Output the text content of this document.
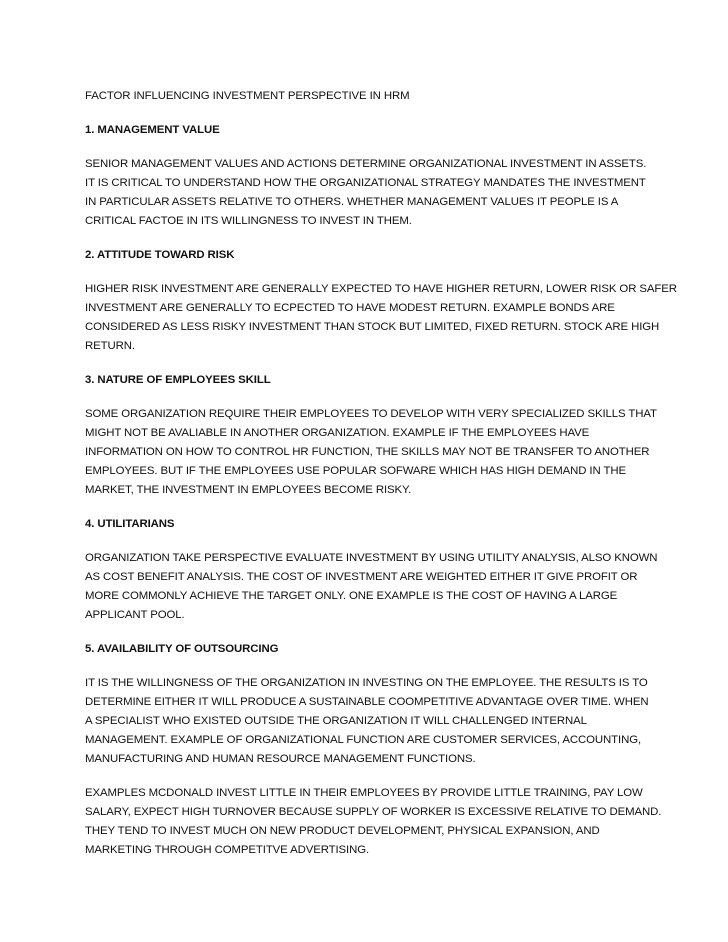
FACTOR INFLUENCING INVESTMENT PERSPECTIVE IN HRM

1. MANAGEMENT VALUE

SENIOR MANAGEMENT VALUES AND ACTIONS DETERMINE ORGANIZATIONAL INVESTMENT IN ASSETS.
IT IS CRITICAL TO UNDERSTAND HOW THE ORGANIZATIONAL STRATEGY MANDATES THE INVESTMENT
IN PARTICULAR ASSETS RELATIVE TO OTHERS. WHETHER MANAGEMENT VALUES IT PEOPLE IS A
CRITICAL FACTOE IN ITS WILLINGNESS TO INVEST IN THEM.

2. ATTITUDE TOWARD RISK

HIGHER RISK INVESTMENT ARE GENERALLY EXPECTED TO HAVE HIGHER RETURN, LOWER RISK OR SAFER
INVESTMENT ARE GENERALLY TO ECPECTED TO HAVE MODEST RETURN. EXAMPLE BONDS ARE
CONSIDERED AS LESS RISKY INVESTMENT THAN STOCK BUT LIMITED, FIXED RETURN. STOCK ARE HIGH
RETURN.

3. NATURE OF EMPLOYEES SKILL

SOME ORGANIZATION REQUIRE THEIR EMPLOYEES TO DEVELOP WITH VERY SPECIALIZED SKILLS THAT
MIGHT NOT BE AVALIABLE IN ANOTHER ORGANIZATION. EXAMPLE IF THE EMPLOYEES HAVE
INFORMATION ON HOW TO CONTROL HR FUNCTION, THE SKILLS MAY NOT BE TRANSFER TO ANOTHER
EMPLOYEES. BUT IF THE EMPLOYEES USE POPULAR SOFWARE WHICH HAS HIGH DEMAND IN THE
MARKET, THE INVESTMENT IN EMPLOYEES BECOME RISKY.

4. UTILITARIANS

ORGANIZATION TAKE PERSPECTIVE EVALUATE INVESTMENT BY USING UTILITY ANALYSIS, ALSO KNOWN
AS COST BENEFIT ANALYSIS. THE COST OF INVESTMENT ARE WEIGHTED EITHER IT GIVE PROFIT OR
MORE COMMONLY ACHIEVE THE TARGET ONLY. ONE EXAMPLE IS THE COST OF HAVING A LARGE
APPLICANT POOL.

5. AVAILABILITY OF OUTSOURCING

IT IS THE WILLINGNESS OF THE ORGANIZATION IN INVESTING ON THE EMPLOYEE. THE RESULTS IS TO
DETERMINE EITHER IT WILL PRODUCE A SUSTAINABLE COOMPETITIVE ADVANTAGE OVER TIME. WHEN
A SPECIALIST WHO EXISTED OUTSIDE THE ORGANIZATION IT WILL CHALLENGED INTERNAL
MANAGEMENT. EXAMPLE OF ORGANIZATIONAL FUNCTION ARE CUSTOMER SERVICES, ACCOUNTING,
MANUFACTURING AND HUMAN RESOURCE MANAGEMENT FUNCTIONS.

EXAMPLES MCDONALD INVEST LITTLE IN THEIR EMPLOYEES BY PROVIDE LITTLE TRAINING, PAY LOW
SALARY, EXPECT HIGH TURNOVER BECAUSE SUPPLY OF WORKER IS EXCESSIVE RELATIVE TO DEMAND.
THEY TEND TO INVEST MUCH ON NEW PRODUCT DEVELOPMENT, PHYSICAL EXPANSION, AND
MARKETING THROUGH COMPETITVE ADVERTISING.
